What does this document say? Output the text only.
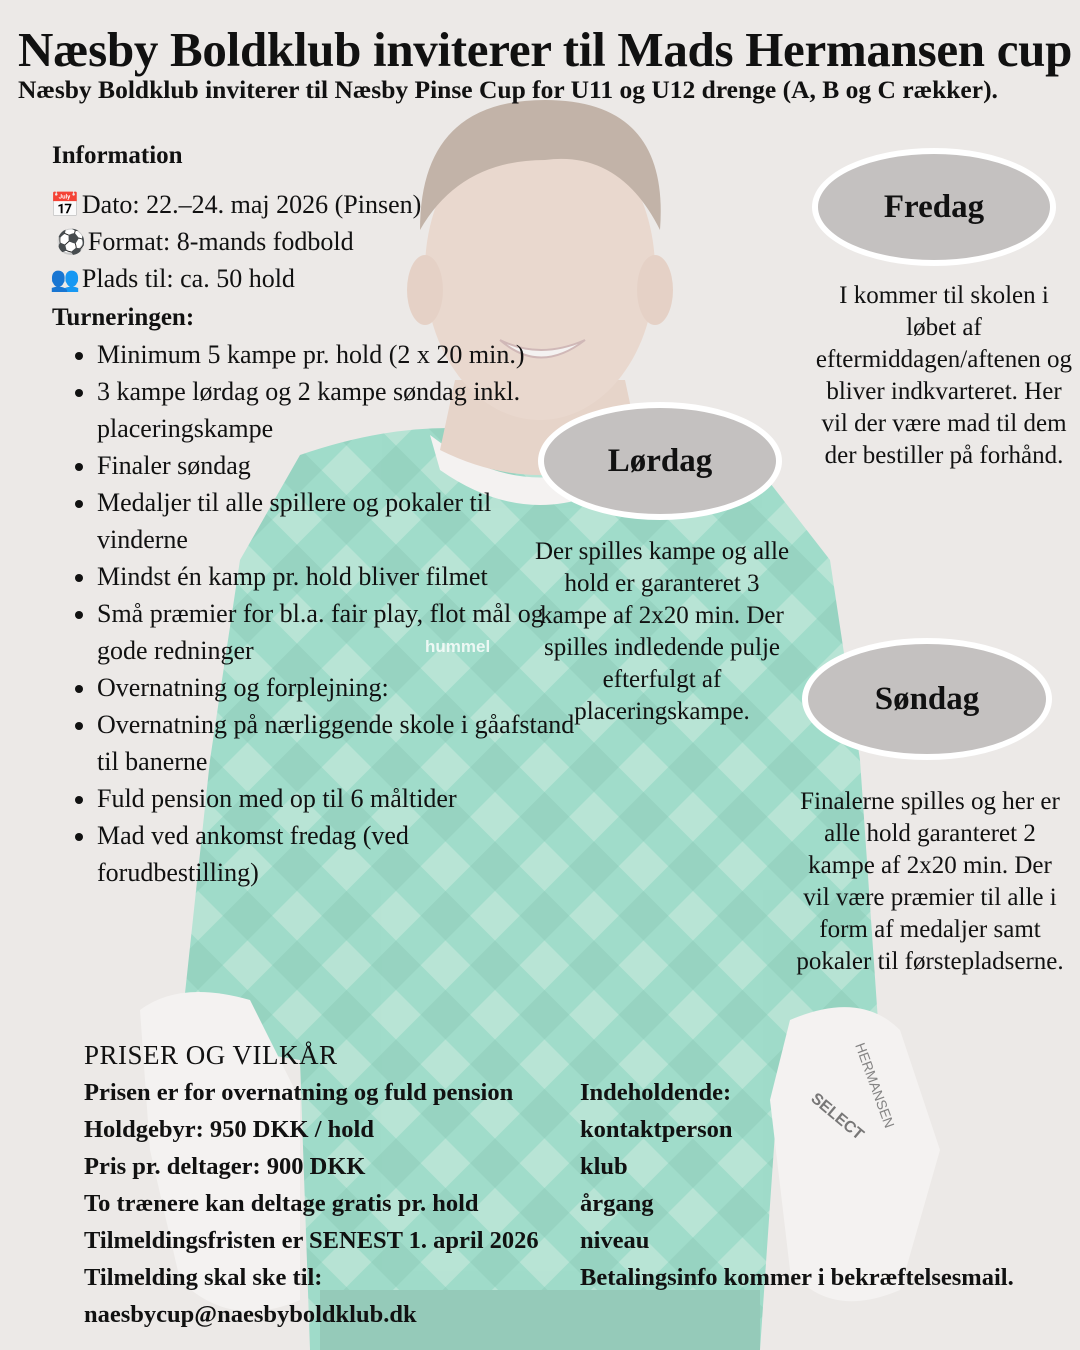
hummel
HERMANSEN
SELECT
Næsby Boldklub inviterer til Mads Hermansen cup
Næsby Boldklub inviterer til Næsby Pinse Cup for U11 og U12 drenge (A, B og C rækker).
Information
📅 Dato: 22.–24. maj 2026 (Pinsen)
⚽ Format: 8-mands fodbold
👥 Plads til: ca. 50 hold
Turneringen:
• Minimum 5 kampe pr. hold (2 x 20 min.)
• 3 kampe lørdag og 2 kampe søndag inkl. placeringskampe
• Finaler søndag
• Medaljer til alle spillere og pokaler til vinderne
• Mindst én kamp pr. hold bliver filmet
• Små præmier for bl.a. fair play, flot mål og gode redninger
• Overnatning og forplejning:
• Overnatning på nærliggende skole i gåafstand til banerne
• Fuld pension med op til 6 måltider
• Mad ved ankomst fredag (ved forudbestilling)
Fredag
I kommer til skolen i løbet af eftermiddagen/aftenen og bliver indkvarteret. Her vil der være mad til dem der bestiller på forhånd.
Lørdag
Der spilles kampe og alle hold er garanteret 3 kampe af 2x20 min. Der spilles indledende pulje efterfulgt af placeringskampe.	Søndag
Finalerne spilles og her er alle hold garanteret 2 kampe af 2x20 min. Der vil være præmier til alle i form af medaljer samt pokaler til førstepladserne.
PRISER OG VILKÅR
Prisen er for overnatning og fuld pension
Holdgebyr: 950 DKK / hold
Pris pr. deltager: 900 DKK
To trænere kan deltage gratis pr. hold
Tilmeldingsfristen er SENEST 1. april 2026
Tilmelding skal ske til:
naesbycup@naesbyboldklub.dk
Indeholdende:
kontaktperson
klub
årgang
niveau
Betalingsinfo kommer i bekræftelsesmail.
